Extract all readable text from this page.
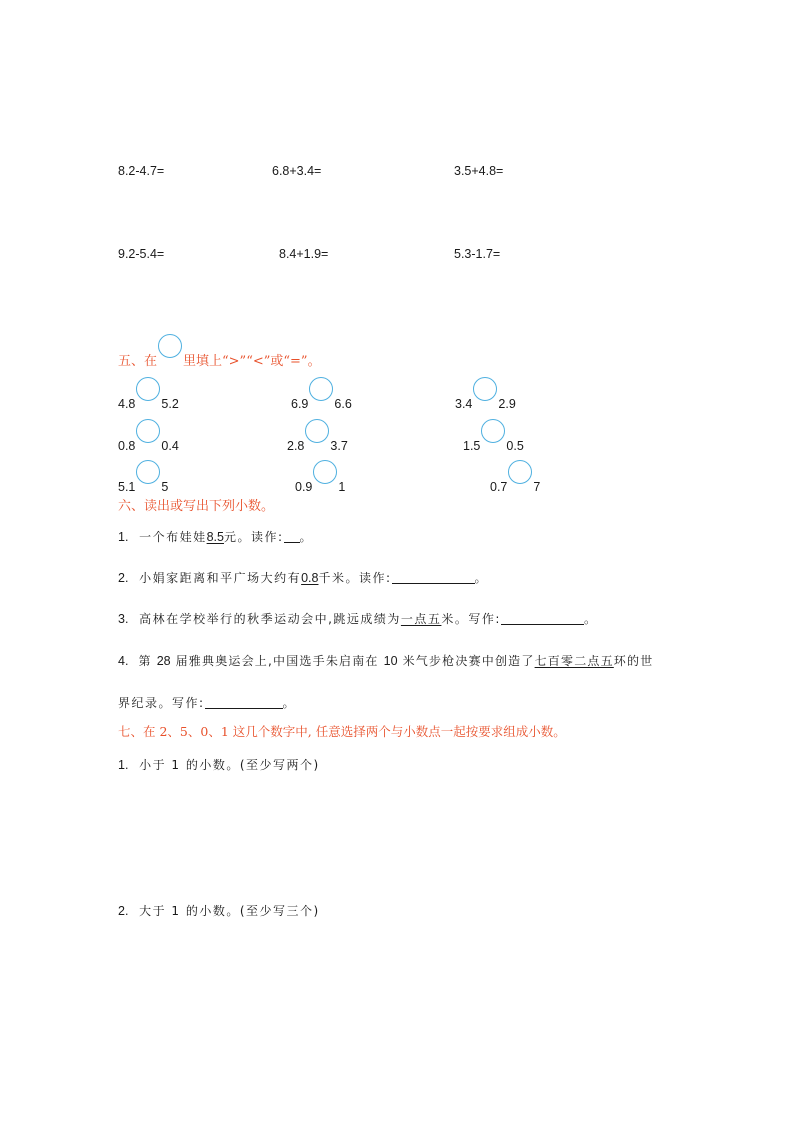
8.2-4.7=	6.8+3.4=	3.5+4.8=
9.2-5.4=	8.4+1.9=	5.3-1.7=
五、在 里填上“>”“<”或“=”。
4.8 5.2	6.9 6.6	3.4 2.9
0.8 0.4	2.8 3.7	1.5 0.5
5.1 5	0.9 1	0.7 7
六、读出或写出下列小数。
1. 一个布娃娃8.5元。读作: 。
2. 小娟家距离和平广场大约有0.8千米。读作:	。
3. 高林在学校举行的秋季运动会中,跳远成绩为一点五米。写作:	。
4. 第 28 届雅典奥运会上,中国选手朱启南在 10 米气步枪决赛中创造了七百零二点五环的世
界纪录。写作:	。
七、在 2、5、0、1 这几个数字中, 任意选择两个与小数点一起按要求组成小数。
1. 小于 1 的小数。(至少写两个)
2. 大于 1 的小数。(至少写三个)
